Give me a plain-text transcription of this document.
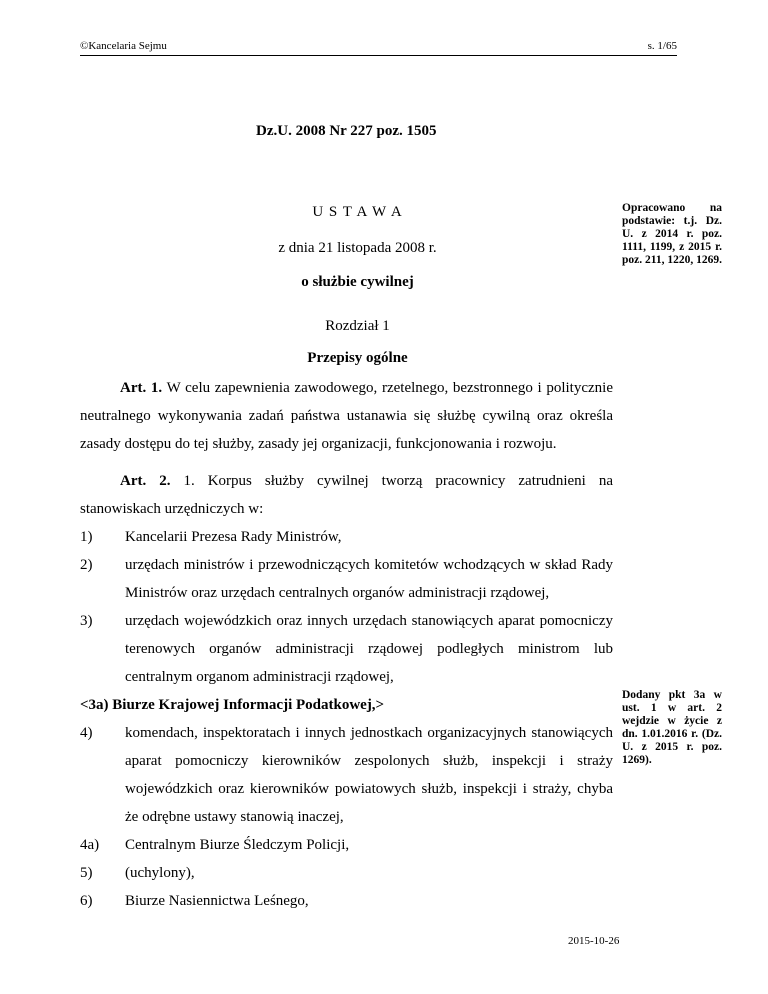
©Kancelaria Sejmu	s. 1/65
Dz.U. 2008 Nr 227 poz. 1505
U S T A W A
z dnia 21 listopada 2008 r.
o służbie cywilnej
Opracowano na podstawie: t.j. Dz. U. z 2014 r. poz. 1111, 1199, z 2015 r. poz. 211, 1220, 1269.
Rozdział 1
Przepisy ogólne

Art. 1. W celu zapewnienia zawodowego, rzetelnego, bezstronnego i politycznie neutralnego wykonywania zadań państwa ustanawia się służbę cywilną oraz określa zasady dostępu do tej służby, zasady jej organizacji, funkcjonowania i rozwoju.

Art. 2. 1. Korpus służby cywilnej tworzą pracownicy zatrudnieni na stanowiskach urzędniczych w:

1) Kancelarii Prezesa Rady Ministrów,
2) urzędach ministrów i przewodniczących komitetów wchodzących w skład Rady Ministrów oraz urzędach centralnych organów administracji rządowej,
3) urzędach wojewódzkich oraz innych urzędach stanowiących aparat pomocniczy terenowych organów administracji rządowej podległych ministrom lub centralnym organom administracji rządowej,

<3a) Biurze Krajowej Informacji Podatkowej,>

4) komendach, inspektoratach i innych jednostkach organizacyjnych stanowiących aparat pomocniczy kierowników zespolonych służb, inspekcji i straży wojewódzkich oraz kierowników powiatowych służb, inspekcji i straży, chyba że odrębne ustawy stanowią inaczej,
4a) Centralnym Biurze Śledczym Policji,
5) (uchylony),
6) Biurze Nasiennictwa Leśnego,
Dodany pkt 3a w ust. 1 w art. 2 wejdzie w życie z dn. 1.01.2016 r. (Dz. U. z 2015 r. poz. 1269).
2015-10-26
